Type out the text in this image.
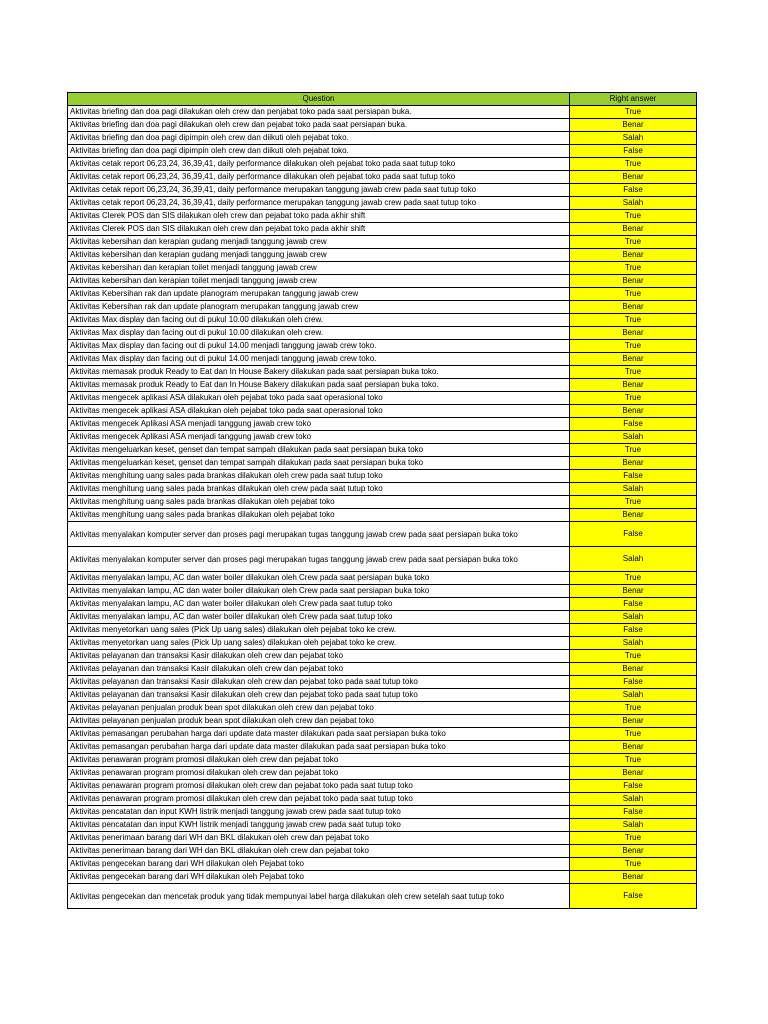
Question	Right answer
Aktivitas briefing dan doa pagi dilakukan oleh crew dan penjabat toko pada saat persiapan buka.	True
Aktivitas briefing dan doa pagi dilakukan oleh crew dan pejabat toko pada saat persiapan buka.	Benar
Aktivitas briefing dan doa pagi dipimpin oleh crew dan diikuti oleh pejabat toko.	Salah
Aktivitas briefing dan doa pagi dipimpin oleh crew dan diikuti oleh pejabat toko.	False
Aktivitas cetak report 06,23,24, 36,39,41, daily performance dilakukan oleh pejabat toko pada saat tutup toko	True
Aktivitas cetak report 06,23,24, 36,39,41, daily performance dilakukan oleh pejabat toko pada saat tutup toko	Benar
Aktivitas cetak report 06,23,24, 36,39,41, daily performance merupakan tanggung jawab crew pada saat tutup toko	False
Aktivitas cetak report 06,23,24, 36,39,41, daily performance merupakan tanggung jawab crew pada saat tutup toko	Salah
Aktivitas Clerek POS dan SIS dilakukan oleh crew dan pejabat toko pada akhir shift	True
Aktivitas Clerek POS dan SIS dilakukan oleh crew dan pejabat toko pada akhir shift	Benar
Aktivitas kebersihan dan kerapian gudang menjadi tanggung jawab crew	True
Aktivitas kebersihan dan kerapian gudang menjadi tanggung jawab crew	Benar
Aktivitas kebersihan dan kerapian toilet menjadi tanggung jawab crew	True
Aktivitas kebersihan dan kerapian toilet menjadi tanggung jawab crew	Benar
Aktivitas Kebersihan rak dan update planogram merupakan tanggung jawab crew	True
Aktivitas Kebersihan rak dan update planogram merupakan tanggung jawab crew	Benar
Aktivitas Max display dan facing out di pukul 10.00 dilakukan oleh crew.	True
Aktivitas Max display dan facing out di pukul 10.00 dilakukan oleh crew.	Benar
Aktivitas Max display dan facing out di pukul 14.00 menjadi tanggung jawab crew toko.	True
Aktivitas Max display dan facing out di pukul 14.00 menjadi tanggung jawab crew toko.	Benar
Aktivitas memasak produk Ready to Eat dan In House Bakery dilakukan pada saat persiapan buka toko.	True
Aktivitas memasak produk Ready to Eat dan In House Bakery dilakukan pada saat persiapan buka toko.	Benar
Aktivitas mengecek aplikasi ASA dilakukan oleh pejabat toko pada saat operasional toko	True
Aktivitas mengecek aplikasi ASA dilakukan oleh pejabat toko pada saat operasional toko	Benar
Aktivitas mengecek Aplikasi ASA menjadi tanggung jawab crew toko	False
Aktivitas mengecek Aplikasi ASA menjadi tanggung jawab crew toko	Salah
Aktivitas mengeluarkan keset, genset dan tempat sampah dilakukan pada saat persiapan buka toko	True
Aktivitas mengeluarkan keset, genset dan tempat sampah dilakukan pada saat persiapan buka toko	Benar
Aktivitas menghitung uang sales pada brankas dilakukan oleh crew pada saat tutup toko	False
Aktivitas menghitung uang sales pada brankas dilakukan oleh crew pada saat tutup toko	Salah
Aktivitas menghitung uang sales pada brankas dilakukan oleh pejabat toko	True
Aktivitas menghitung uang sales pada brankas dilakukan oleh pejabat toko	Benar
Aktivitas menyalakan komputer server dan proses pagi merupakan tugas tanggung jawab crew pada saat persiapan buka toko	False
Aktivitas menyalakan komputer server dan proses pagi merupakan tugas tanggung jawab crew pada saat persiapan buka toko	Salah
Aktivitas menyalakan lampu, AC dan water boiler dilakukan oleh Crew pada saat persiapan buka toko	True
Aktivitas menyalakan lampu, AC dan water boiler dilakukan oleh Crew pada saat persiapan buka toko	Benar
Aktivitas menyalakan lampu, AC dan water boiler dilakukan oleh Crew pada saat tutup toko	False
Aktivitas menyalakan lampu, AC dan water boiler dilakukan oleh Crew pada saat tutup toko	Salah
Aktivitas menyetorkan uang sales (Pick Up uang sales) dilakukan oleh pejabat toko ke crew.	False
Aktivitas menyetorkan uang sales (Pick Up uang sales) dilakukan oleh pejabat toko ke crew.	Salah
Aktivitas pelayanan dan transaksi Kasir dilakukan oleh crew dan pejabat toko	True
Aktivitas pelayanan dan transaksi Kasir dilakukan oleh crew dan pejabat toko	Benar
Aktivitas pelayanan dan transaksi Kasir dilakukan oleh crew dan pejabat toko pada saat tutup toko	False
Aktivitas pelayanan dan transaksi Kasir dilakukan oleh crew dan pejabat toko pada saat tutup toko	Salah
Aktivitas pelayanan penjualan produk bean spot dilakukan oleh crew dan pejabat toko	True
Aktivitas pelayanan penjualan produk bean spot dilakukan oleh crew dan pejabat toko	Benar
Aktivitas pemasangan perubahan harga dari update data master dilakukan pada saat persiapan buka toko	True
Aktivitas pemasangan perubahan harga dari update data master dilakukan pada saat persiapan buka toko	Benar
Aktivitas penawaran program promosi dilakukan oleh crew dan pejabat toko	True
Aktivitas penawaran program promosi dilakukan oleh crew dan pejabat toko	Benar
Aktivitas penawaran program promosi dilakukan oleh crew dan pejabat toko pada saat tutup toko	False
Aktivitas penawaran program promosi dilakukan oleh crew dan pejabat toko pada saat tutup toko	Salah
Aktivitas pencatatan dan input KWH listrik menjadi tanggung jawab crew pada saat tutup toko	False
Aktivitas pencatatan dan input KWH listrik menjadi tanggung jawab crew pada saat tutup toko	Salah
Aktivitas penerimaan barang dari WH dan BKL dilakukan oleh crew dan pejabat toko	True
Aktivitas penerimaan barang dari WH dan BKL dilakukan oleh crew dan pejabat toko	Benar
Aktivitas pengecekan barang dari WH dilakukan oleh Pejabat toko	True
Aktivitas pengecekan barang dari WH dilakukan oleh Pejabat toko	Benar
Aktivitas pengecekan dan mencetak produk yang tidak mempunyai label harga dilakukan oleh crew setelah saat tutup toko	False
